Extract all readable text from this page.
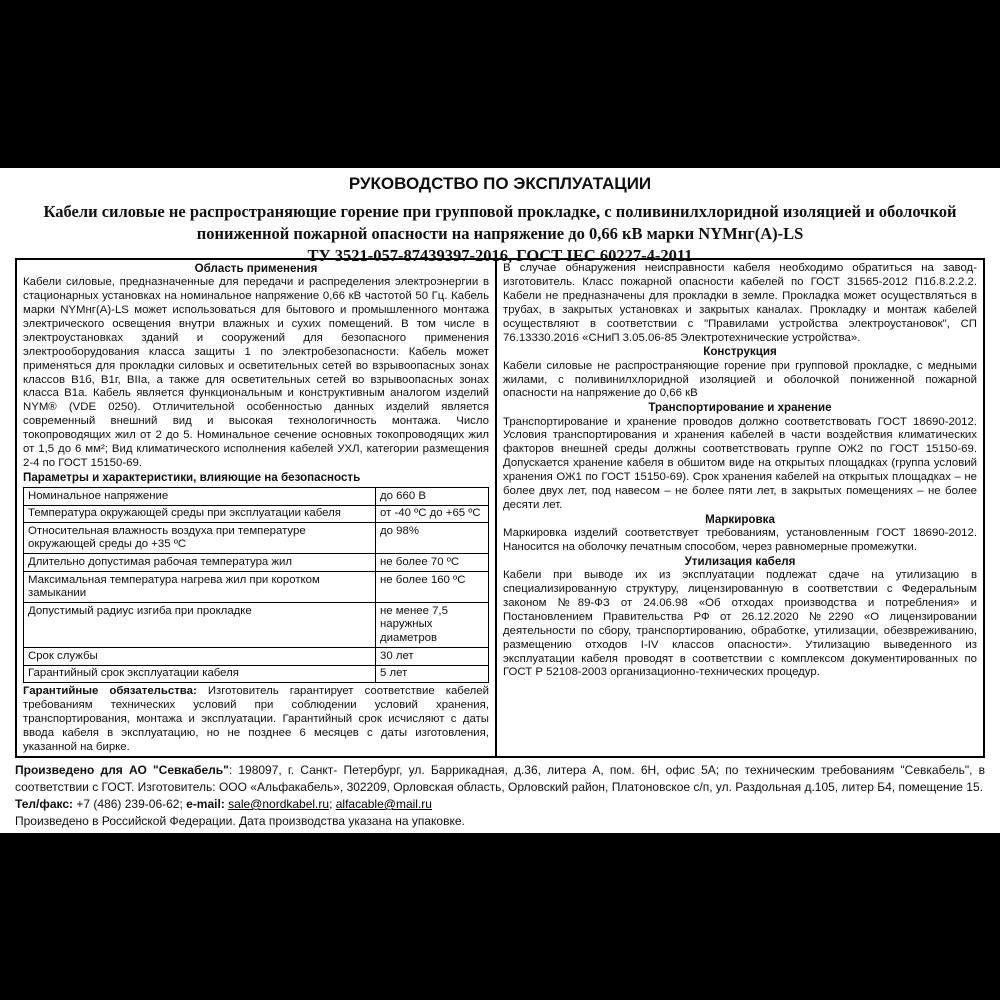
РУКОВОДСТВО ПО ЭКСПЛУАТАЦИИ
Кабели силовые не распространяющие горение при групповой прокладке, с поливинилхлоридной изоляцией и оболочкой
пониженной пожарной опасности на напряжение до 0,66 кВ марки NYMнг(А)-LS
ТУ 3521-057-87439397-2016, ГОСТ IEC 60227-4-2011
Область применения

Кабели силовые, предназначенные для передачи и распределения электроэнергии в стационарных установках на номинальное напряжение 0,66 кВ частотой 50 Гц. Кабель марки NYMнг(А)-LS может использоваться для бытового и промышленного монтажа электрического освещения внутри влажных и сухих помещений. В том числе в электроустановках зданий и сооружений для безопасного применения электрооборудования класса защиты 1 по электробезопасности. Кабель может применяться для прокладки силовых и осветительных сетей во взрывоопасных зонах классов В1б, В1г, ВIIа, а также для осветительных сетей во взрывоопасных зонах класса В1а. Кабель является функциональным и конструктивным аналогом изделий NYM® (VDE 0250). Отличительной особенностью данных изделий является современный внешний вид и высокая технологичность монтажа. Число токопроводящих жил от 2 до 5. Номинальное сечение основных токопроводящих жил от 1,5 до 6 мм²; Вид климатического исполнения кабелей УХЛ, категории размещения 2-4 по ГОСТ 15150-69.

Параметры и характеристики, влияющие на безопасность
Номинальное напряжение	до 660 В
Температура окружающей среды при эксплуатации кабеля	от -40 ºС до +65 ºС
Относительная влажность воздуха при температуре окружающей среды до +35 ºС	до 98%
Длительно допустимая рабочая температура жил	не более 70 ºС
Максимальная температура нагрева жил при коротком замыкании	не более 160 ºС
Допустимый радиус изгиба при прокладке	не менее 7,5 наружных диаметров
Срок службы	30 лет
Гарантийный срок эксплуатации кабеля	5 лет

Гарантийные обязательства: Изготовитель гарантирует соответствие кабелей требованиям технических условий при соблюдении условий хранения, транспортирования, монтажа и эксплуатации. Гарантийный срок исчисляют с даты ввода кабеля в эксплуатацию, но не позднее 6 месяцев с даты изготовления, указанной на бирке.

В случае обнаружения неисправности кабеля необходимо обратиться на завод-изготовитель. Класс пожарной опасности кабелей по ГОСТ 31565-2012 П1б.8.2.2.2. Кабели не предназначены для прокладки в земле. Прокладка может осуществляться в трубах, в закрытых установках и закрытых каналах. Прокладку и монтаж кабелей осуществляют в соответствии с "Правилами устройства электроустановок", СП 76.13330.2016 «СНиП 3.05.06-85 Электротехнические устройства».

Конструкция

Кабели силовые не распространяющие горение при групповой прокладке, с медными жилами, с поливинилхлоридной изоляцией и оболочкой пониженной пожарной опасности на напряжение до 0,66 кВ

Транспортирование и хранение

Транспортирование и хранение проводов должно соответствовать ГОСТ 18690-2012. Условия транспортирования и хранения кабелей в части воздействия климатических факторов внешней среды должны соответствовать группе ОЖ2 по ГОСТ 15150-69. Допускается хранение кабеля в обшитом виде на открытых площадках (группа условий хранения ОЖ1 по ГОСТ 15150-69). Срок хранения кабелей на открытых площадках – не более двух лет, под навесом – не более пяти лет, в закрытых помещениях – не более десяти лет.

Маркировка

Маркировка изделий соответствует требованиям, установленным ГОСТ 18690-2012. Наносится на оболочку печатным способом, через равномерные промежутки.

Утилизация кабеля

Кабели при выводе их из эксплуатации подлежат сдаче на утилизацию в специализированную структуру, лицензированную в соответствии с Федеральным законом №89-ФЗ от 24.06.98 «Об отходах производства и потребления» и Постановлением Правительства РФ от 26.12.2020 №2290 «О лицензировании деятельности по сбору, транспортированию, обработке, утилизации, обезвреживанию, размещению отходов I-IV классов опасности». Утилизацию выведенного из эксплуатации кабеля проводят в соответствии с комплексом документированных по ГОСТ Р 52108-2003 организационно-технических процедур.

Произведено для АО "Севкабель": 198097, г. Санкт- Петербург, ул. Баррикадная, д.36, литера А, пом. 6Н, офис 5А; по техническим требованиям "Севкабель", в соответствии с ГОСТ. Изготовитель: ООО «Альфакабель», 302209, Орловская область, Орловский район, Платоновское с/п, ул. Раздольная д.105, литер Б4, помещение 15.

Тел/факс: +7 (486) 239-06-62; e-mail: sale@nordkabel.ru; alfacable@mail.ru

Произведено в Российской Федерации. Дата производства указана на упаковке.
